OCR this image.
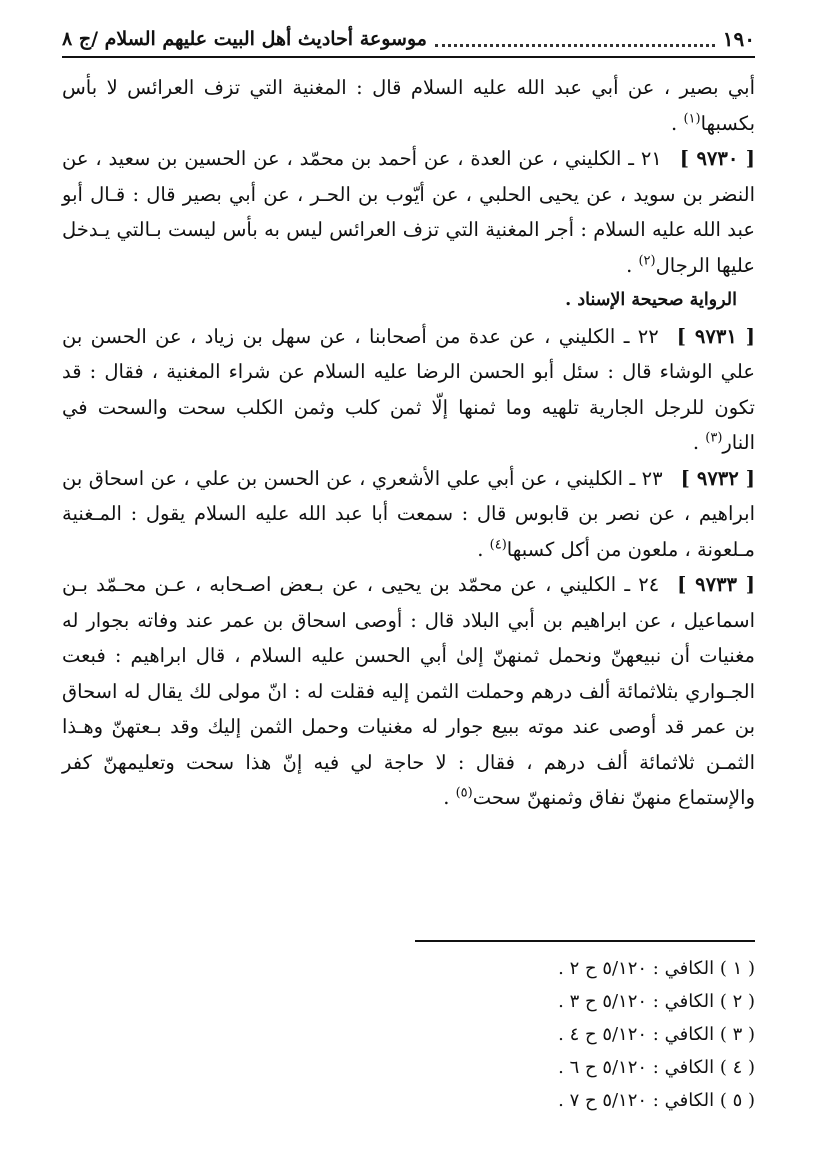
١٩٠
موسوعة أحاديث أهل البيت عليهم السلام /ج ٨

أبي بصير ، عن أبي عبد الله عليه السلام قال : المغنية التي تزف العرائس لا بأس بكسبها$^{(١)}$ .

[ ٩٧٣٠ ]٢١ ـ الكليني ، عن العدة ، عن أحمد بن محمّد ، عن الحسين بن سعيد ، عن النضر بن سويد ، عن يحيى الحلبي ، عن أيّوب بن الحـر ، عن أبي بصير قال : قـال أبو عبد الله عليه السلام : أجر المغنية التي تزف العرائس ليس به بأس ليست بـالتي يـدخل عليها الرجال$^{(٢)}$ .

الرواية صحيحة الإسناد .

[ ٩٧٣١ ]٢٢ ـ الكليني ، عن عدة من أصحابنا ، عن سهل بن زياد ، عن الحسن بن علي الوشاء قال : سئل أبو الحسن الرضا عليه السلام عن شراء المغنية ، فقال : قد تكون للرجل الجارية تلهيه وما ثمنها إلّا ثمن كلب وثمن الكلب سحت والسحت في النار$^{(٣)}$ .

[ ٩٧٣٢ ]٢٣ ـ الكليني ، عن أبي علي الأشعري ، عن الحسن بن علي ، عن اسحاق بن ابراهيم ، عن نصر بن قابوس قال : سمعت أبا عبد الله عليه السلام يقول : المـغنية مـلعونة ، ملعون من أكل كسبها$^{(٤)}$ .

[ ٩٧٣٣ ]٢٤ ـ الكليني ، عن محمّد بن يحيى ، عن بـعض اصـحابه ، عـن محـمّد بـن اسماعيل ، عن ابراهيم بن أبي البلاد قال : أوصى اسحاق بن عمر عند وفاته بجوار له مغنيات أن نبيعهنّ ونحمل ثمنهنّ إلىٰ أبي الحسن عليه السلام ، قال ابراهيم : فبعت الجـواري بثلاثمائة ألف درهم وحملت الثمن إليه فقلت له : انّ مولى لك يقال له اسحاق بن عمر قد أوصى عند موته ببيع جوار له مغنيات وحمل الثمن إليك وقد بـعتهنّ وهـذا الثمـن ثلاثمائة ألف درهم ، فقال : لا حاجة لي فيه إنّ هذا سحت وتعليمهنّ كفر والإستماع منهنّ نفاق وثمنهنّ سحت$^{(٥)}$ .

( ١ ) الكافي : ٥/١٢٠ ح ٢ .

( ٢ ) الكافي : ٥/١٢٠ ح ٣ .

( ٣ ) الكافي : ٥/١٢٠ ح ٤ .

( ٤ ) الكافي : ٥/١٢٠ ح ٦ .

( ٥ ) الكافي : ٥/١٢٠ ح ٧ .
